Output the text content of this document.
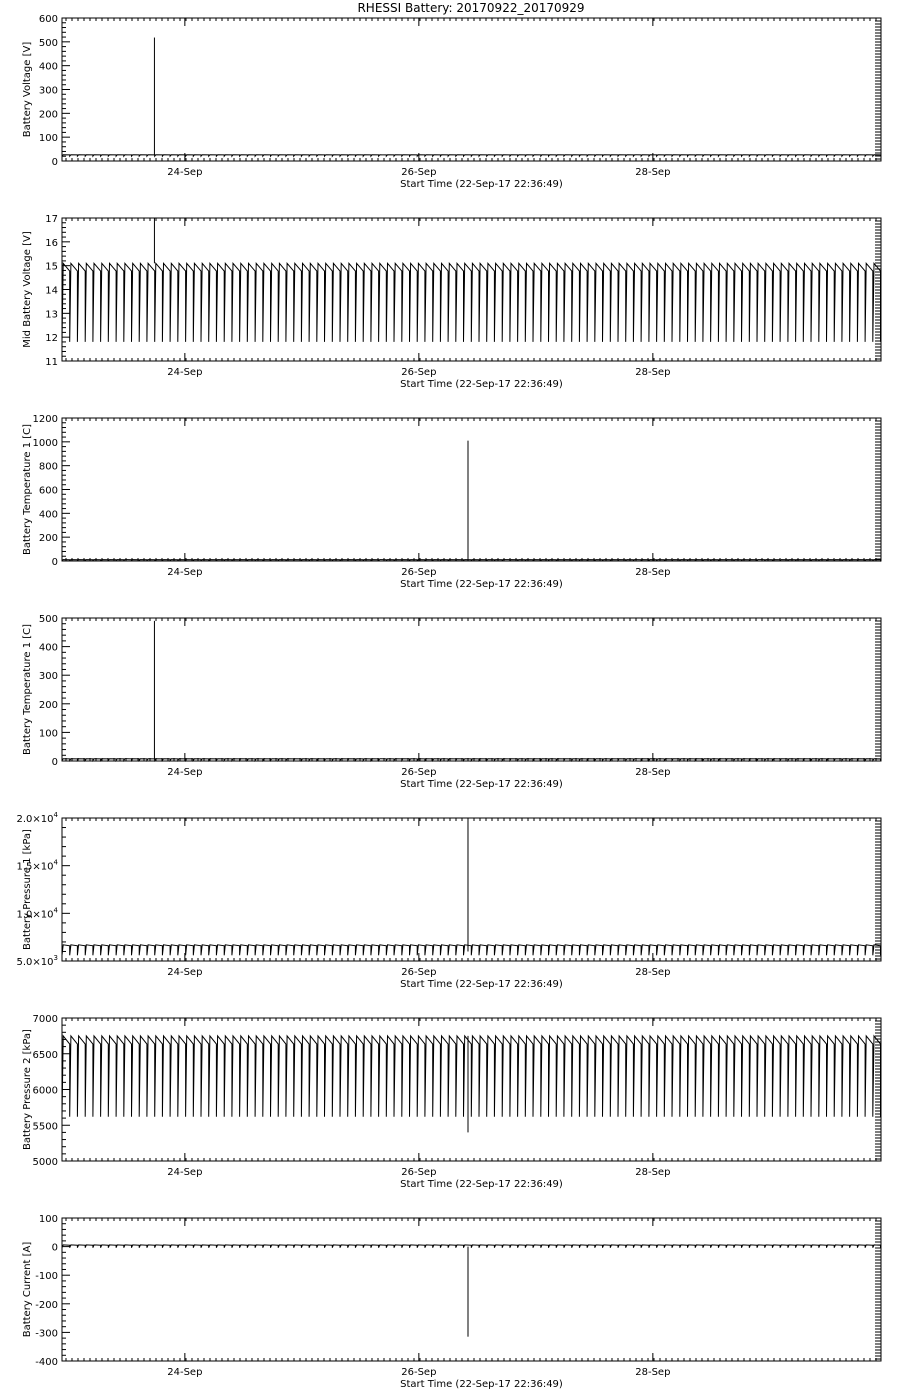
RHESSI Battery: 20170922_20170929
24-Sep	26-Sep	28-Sep
Start Time (22-Sep-17 22:36:49)
0
100
200
300
400
500
600
Battery Voltage [V]
24-Sep	26-Sep	28-Sep
Start Time (22-Sep-17 22:36:49)
11
12
13
14
15
16
17
Mid Battery Voltage [V]
24-Sep	26-Sep	28-Sep
Start Time (22-Sep-17 22:36:49)
0
200
400
600
800
1000
1200
Battery Temperature 1 [C]
24-Sep	26-Sep	28-Sep
Start Time (22-Sep-17 22:36:49)
0
100
200
300
400
500
Battery Temperature 1 [C]
24-Sep	26-Sep	28-Sep
Start Time (22-Sep-17 22:36:49)
$5.0\times 10^3$
$1.0\times 10^4$
$1.5\times 10^4$
$2.0\times 10^4$
Battery Pressure 1 [kPa]
24-Sep	26-Sep	28-Sep
Start Time (22-Sep-17 22:36:49)
5000
5500
6000
6500
7000
Battery Pressure 2 [kPa]
24-Sep	26-Sep	28-Sep
Start Time (22-Sep-17 22:36:49)
-400
-300
-200
-100
0
100
Battery Current [A]
